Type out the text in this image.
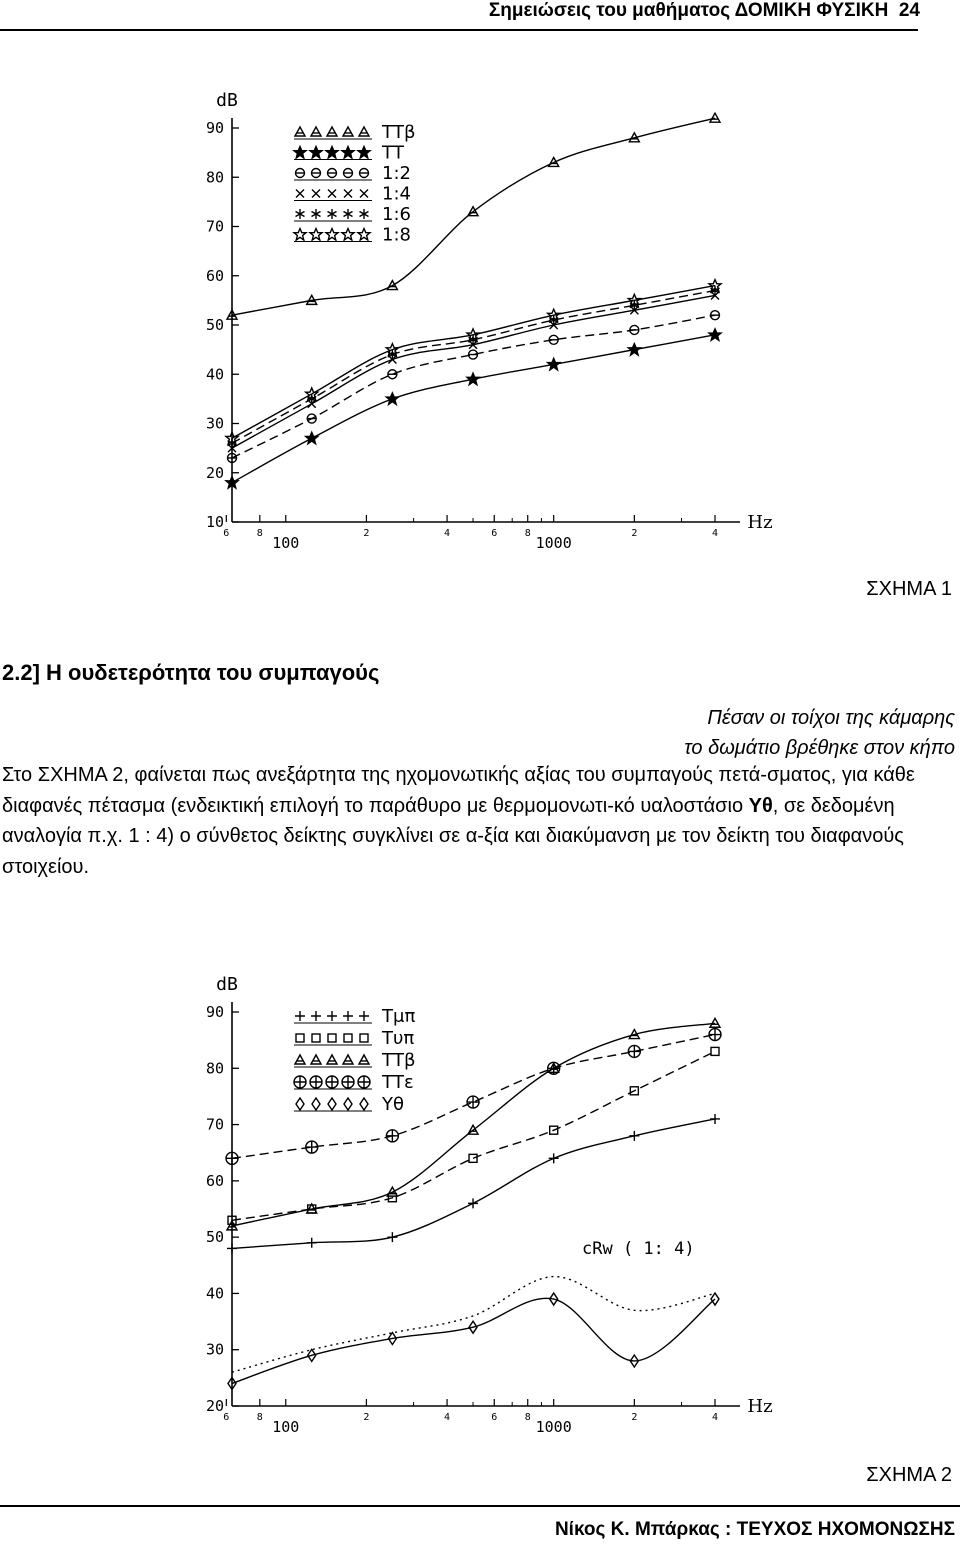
Σημειώσεις του μαθήματος ΔΟΜΙΚΗ ΦΥΣΙΚΗ 24
10
20
30
40
50
60
70
80
90
dB
Hz
6	8
100
2	4	6	8
1000
2	4
ΤΤβ
ΤΤ
1:2
1:4
1:6
1:8
ΣΧΗΜΑ 1
2.2] Η ουδετερότητα του συμπαγούς
Πέσαν οι τοίχοι της κάμαρης
το δωμάτιο βρέθηκε στον κήπο
Στο ΣΧΗΜΑ 2, φαίνεται πως ανεξάρτητα της ηχομονωτικής αξίας του συμπαγούς πετά-σματος, για κάθε διαφανές πέτασμα (ενδεικτική επιλογή το παράθυρο με θερμομονωτι-κό υαλοστάσιο Υθ, σε δεδομένη αναλογία π.χ. 1 : 4) ο σύνθετος δείκτης συγκλίνει σε α-ξία και διακύμανση με τον δείκτη του διαφανούς στοιχείου.
20
30
40
50
60
70
80
90
dB
Hz
6	8
100
2	4	6	8
1000
2	4
Τμπ
Τυπ
ΤΤβ
ΤΤε
Υθ
cRw ( 1: 4)
ΣΧΗΜΑ 2
Νίκος Κ. Μπάρκας : ΤΕΥΧΟΣ ΗΧΟΜΟΝΩΣΗΣ
